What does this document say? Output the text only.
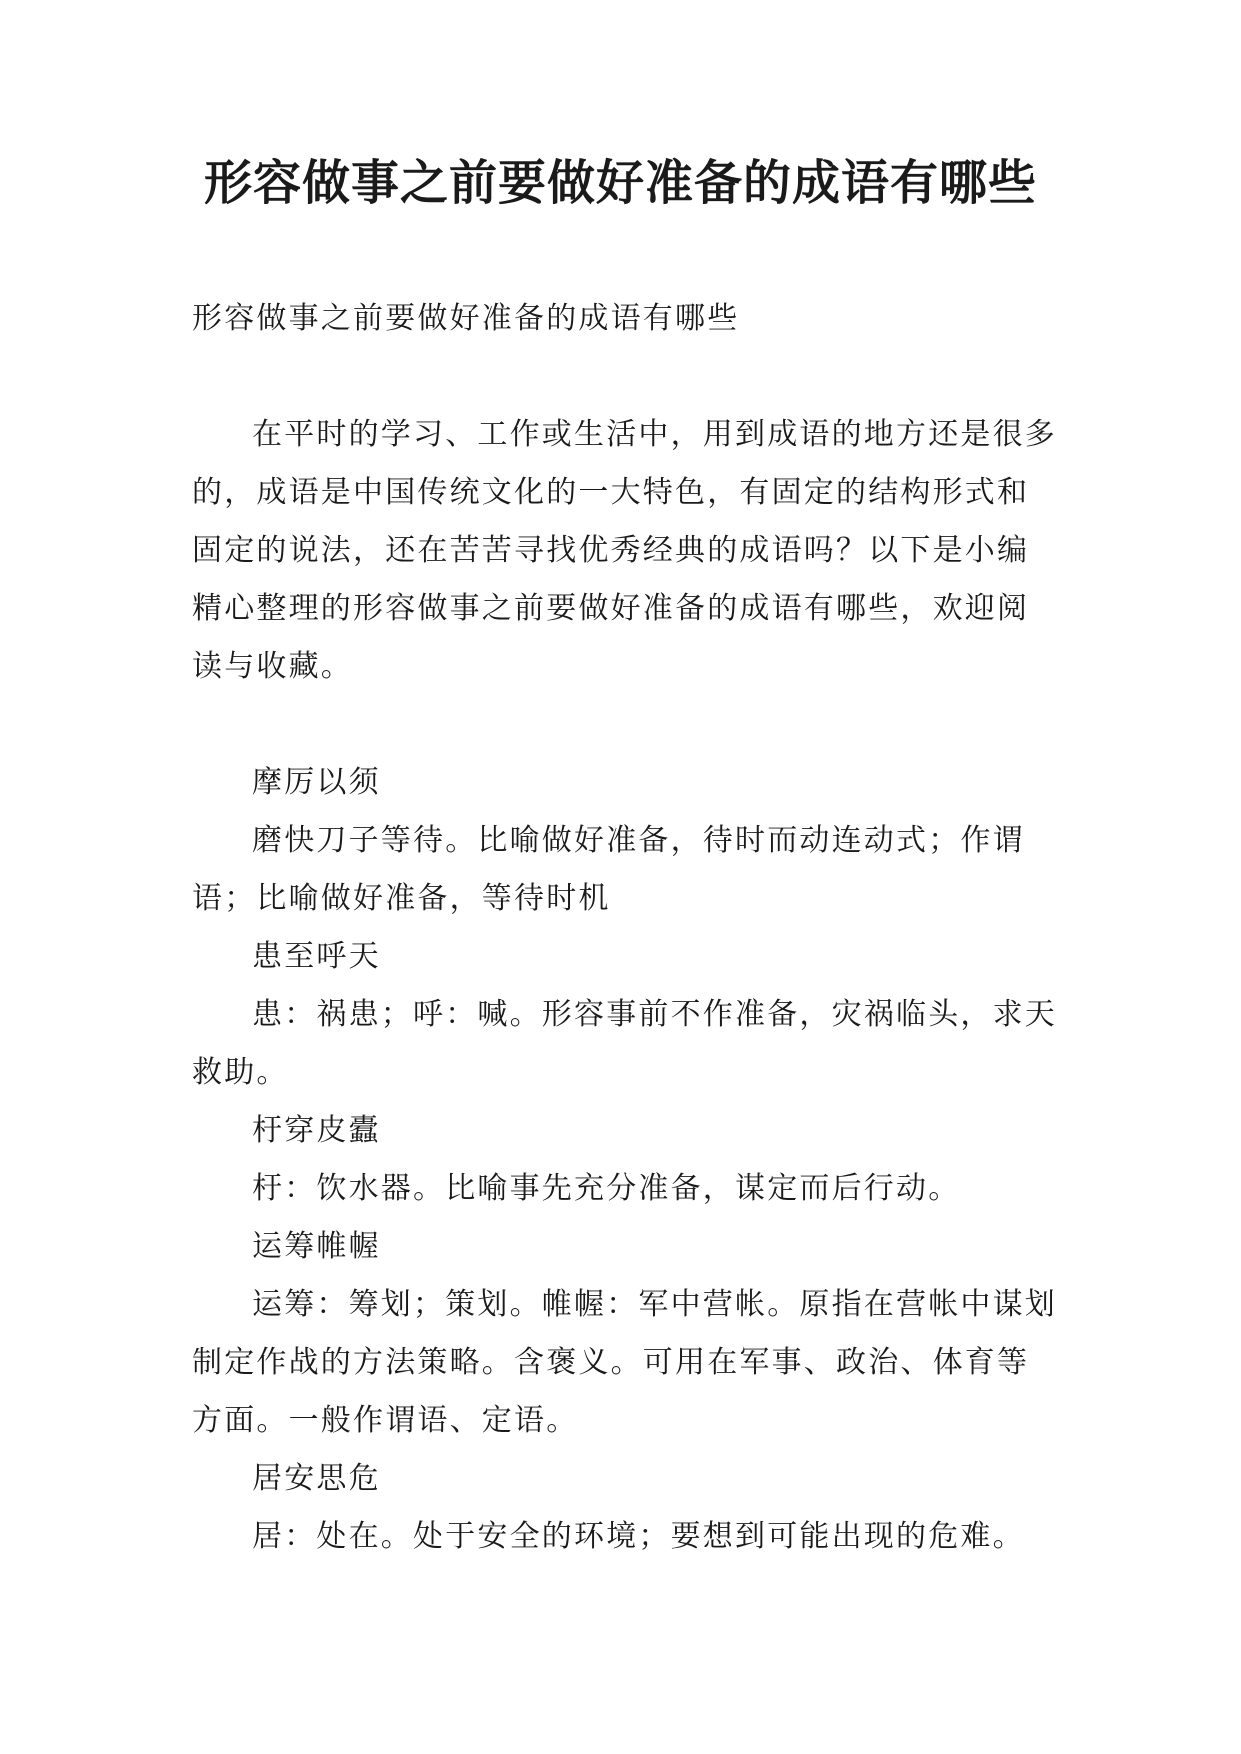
形容做事之前要做好准备的成语有哪些

形容做事之前要做好准备的成语有哪些

在平时的学习、工作或生活中，用到成语的地方还是很多的，成语是中国传统文化的一大特色，有固定的结构形式和固定的说法，还在苦苦寻找优秀经典的成语吗？以下是小编精心整理的形容做事之前要做好准备的成语有哪些，欢迎阅读与收藏。

摩厉以须

磨快刀子等待。比喻做好准备，待时而动连动式；作谓语；比喻做好准备，等待时机

患至呼天

患：祸患；呼：喊。形容事前不作准备，灾祸临头，求天救助。

杅穿皮蠹

杅：饮水器。比喻事先充分准备，谋定而后行动。

运筹帷幄

运筹：筹划；策划。帷幄：军中营帐。原指在营帐中谋划制定作战的方法策略。含褒义。可用在军事、政治、体育等方面。一般作谓语、定语。

居安思危

居：处在。处于安全的环境；要想到可能出现的危难。
